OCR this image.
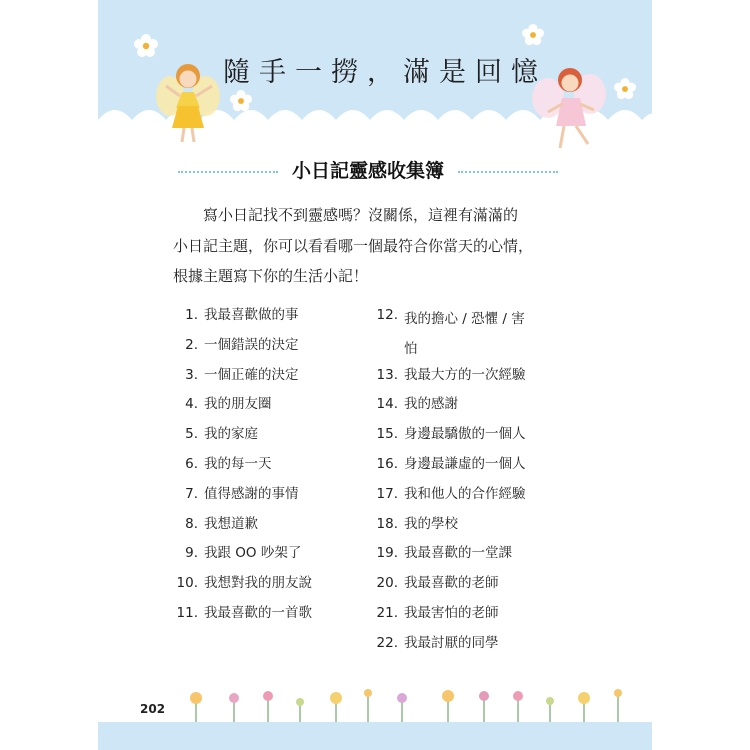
隨手一撈，滿是回憶
小日記靈感收集簿
寫小日記找不到靈感嗎？沒關係，這裡有滿滿的
小日記主題，你可以看看哪一個最符合你當天的心情，
根據主題寫下你的生活小記！
1. 我最喜歡做的事
2. 一個錯誤的決定
3. 一個正確的決定
4. 我的朋友圈
5. 我的家庭
6. 我的每一天
7. 值得感謝的事情
8. 我想道歉
9. 我跟 OO 吵架了
10. 我想對我的朋友說
11. 我最喜歡的一首歌
12. 我的擔心 / 恐懼 / 害怕
13. 我最大方的一次經驗
14. 我的感謝
15. 身邊最驕傲的一個人
16. 身邊最謙虛的一個人
17. 我和他人的合作經驗
18. 我的學校
19. 我最喜歡的一堂課
20. 我最喜歡的老師
21. 我最害怕的老師
22. 我最討厭的同學
202
